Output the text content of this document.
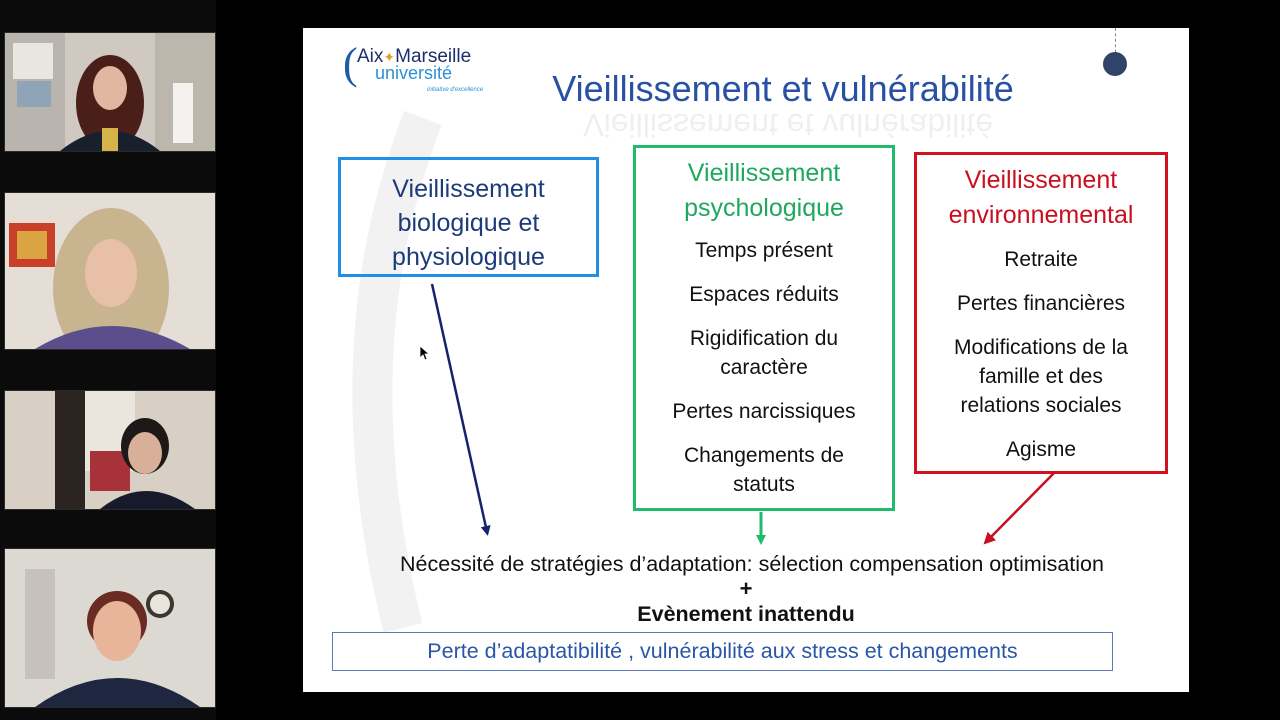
( Aix✦Marseille
université
initiative d'excellence	Vieillissement et vulnérabilité
Vieillissement et vulnérabilité
Vieillissement
biologique et
physiologique
Vieillissement
psychologique
Temps présent
Espaces réduits
Rigidification du caractère
Pertes narcissiques
Changements de statuts
Vieillissement
environnemental
Retraite
Pertes financières
Modifications de la famille et des relations sociales
Agisme
Nécessité de stratégies d’adaptation: sélection compensation optimisation
+
Evènement inattendu
Perte d’adaptatibilité , vulnérabilité aux stress et changements
